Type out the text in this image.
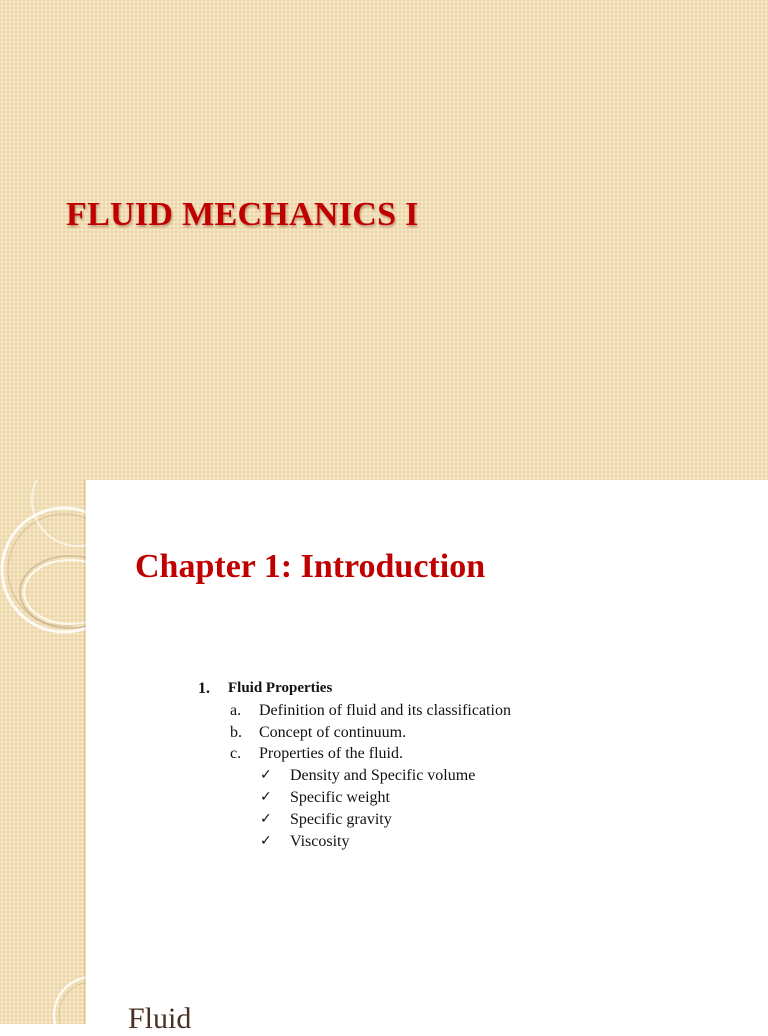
FLUID MECHANICS I
Chapter 1: Introduction
1. Fluid Properties
a. Definition of fluid and its classification
b. Concept of continuum.
c. Properties of the fluid.
✓ Density and Specific volume
✓ Specific weight
✓ Specific gravity
✓ Viscosity

Fluid
